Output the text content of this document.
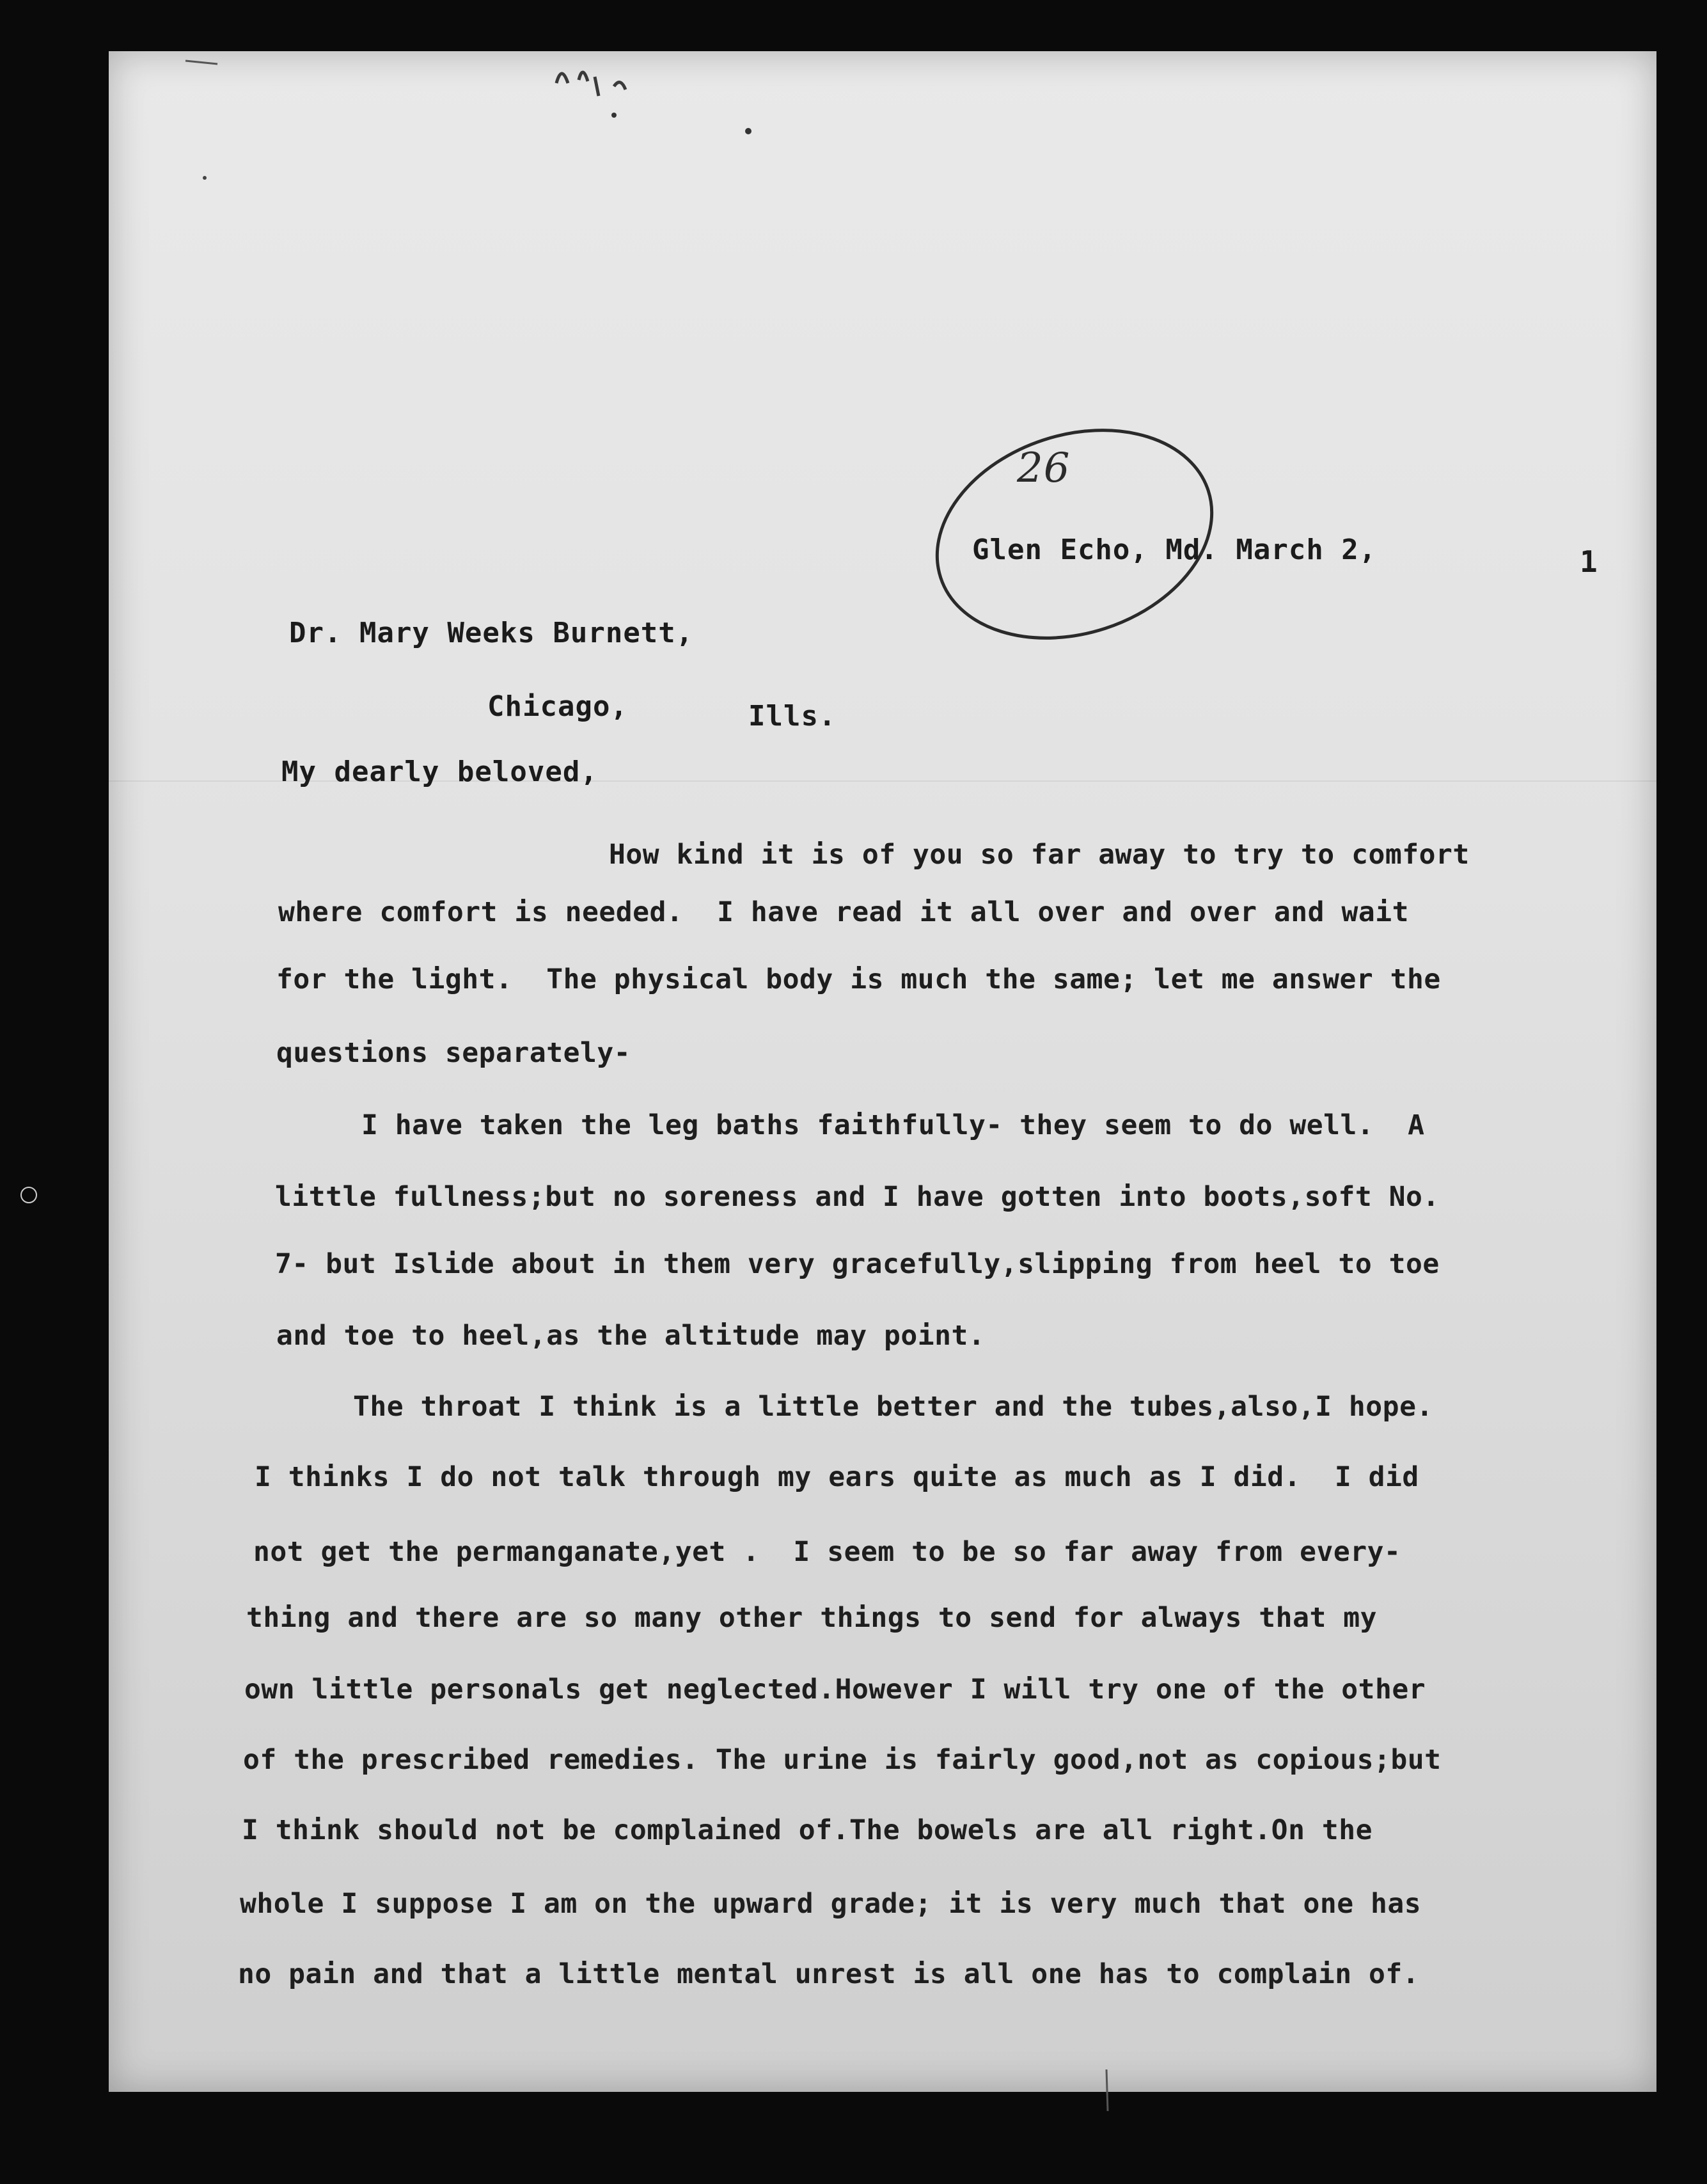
26
1
Glen Echo, Md. March 2,
Dr. Mary Weeks Burnett,
Chicago,	Ills.
My dearly beloved,
How kind it is of you so far away to try to comfort
where comfort is needed.  I have read it all over and over and wait
for the light.  The physical body is much the same; let me answer the
questions separately-
I have taken the leg baths faithfully- they seem to do well.  A
little fullness;but no soreness and I have gotten into boots,soft No.
7- but Islide about in them very gracefully,slipping from heel to toe
and toe to heel,as the altitude may point.
The throat I think is a little better and the tubes,also,I hope.
I thinks I do not talk through my ears quite as much as I did.  I did
not get the permanganate,yet .  I seem to be so far away from every-
thing and there are so many other things to send for always that my
own little personals get neglected.However I will try one of the other
of the prescribed remedies. The urine is fairly good,not as copious;but
I think should not be complained of.The bowels are all right.On the
whole I suppose I am on the upward grade; it is very much that one has
no pain and that a little mental unrest is all one has to complain of.
